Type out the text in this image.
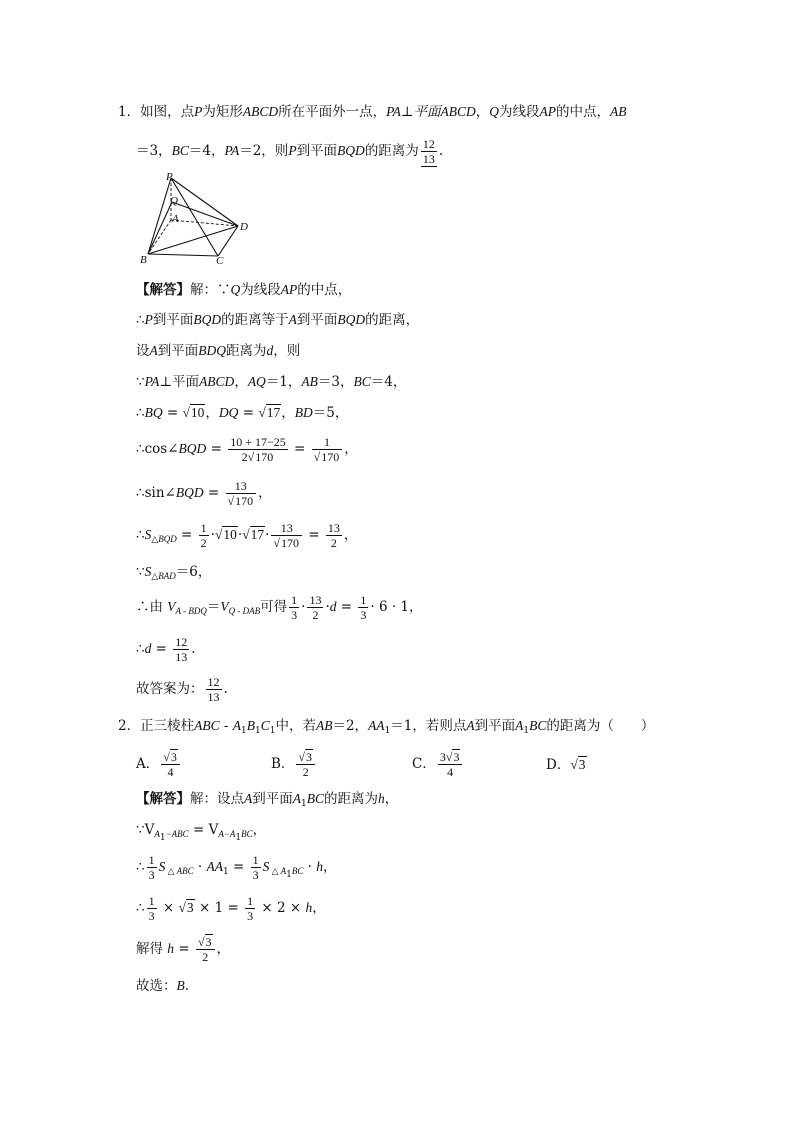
1．如图，点P为矩形ABCD所在平面外一点，PA⊥平面ABCD，Q为线段AP的中点，AB
＝3，BC＝4，PA＝2，则P到平面BQD的距离为 $\frac{12}{13}$ .
P
Q
A
D
B	C
【解答】解：∵Q为线段AP的中点，
∴P到平面BQD的距离等于A到平面BQD的距离，
设A到平面BDQ距离为d，则
∵PA⊥平面ABCD，AQ＝1，AB＝3，BC＝4，
∴BQ = √10，DQ = √17，BD＝5，
∴cos∠BQD = $\frac{10 + 17-25}{2√170} = \frac{1}{√170}$ ，
∴sin∠BQD = $\frac{13}{√170}$ ，
$\therefore S_{\triangle BQD} = \frac{1}{2} \cdot√10\cdot√17\cdot \frac{13}{√170} = \frac{13}{2}$ ，
$\because S_{\triangle BAD}=6$，
∴由 $V_{A - BDQ}=V_{Q - DAB}$可得 $\frac{1}{3} \cdot \frac{13}{2} \cdot d = \frac{1}{3} \cdot 6 \cdot 1$，
∴d = $\frac{12}{13}$ .
故答案为： $\frac{12}{13}$ .
2．正三棱柱ABC - $A_1B_1C_1$中，若AB＝2，$AA_1=1$，若则点A到平面$A_1BC$的距离为（　　）
A． $\frac{√3}{4}$	B． $\frac{√3}{2}$	C． $\frac{3√3}{4}$	D．√3
【解答】解：设点A到平面$A_1BC$的距离为h，
$\because V_{A_1-ABC} = V_{A-A_1BC}$，
∴ $\frac{1}{3}$ S $_{\triangle ABC} \cdot AA_1 = \frac{1}{3}$ S $_{\triangle A_1BC}$ · h，
∴ $\frac{1}{3} \times √3 \times 1 = \frac{1}{3} \times 2 \times h$，
解得 $h = \frac{√3}{2}$ ，
故选：B.
